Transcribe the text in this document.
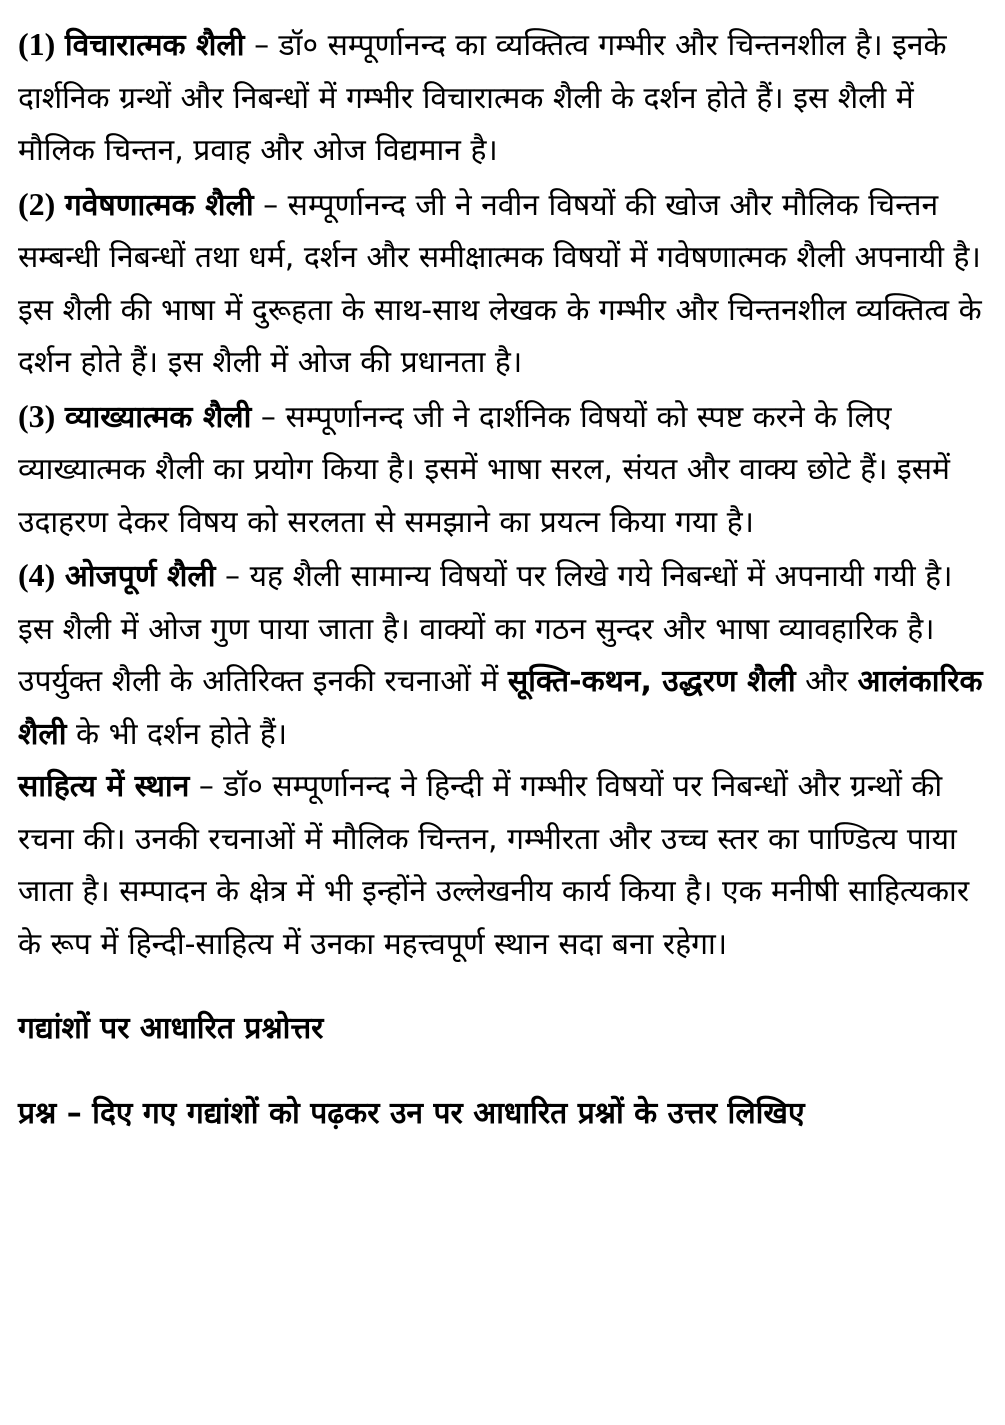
(1) विचारात्मक शैली – डॉ० सम्पूर्णानन्द का व्यक्तित्व गम्भीर और चिन्तनशील है। इनके दार्शनिक ग्रन्थों और निबन्धों में गम्भीर विचारात्मक शैली के दर्शन होते हैं। इस शैली में मौलिक चिन्तन, प्रवाह और ओज विद्यमान है।

(2) गवेषणात्मक शैली – सम्पूर्णानन्द जी ने नवीन विषयों की खोज और मौलिक चिन्तन सम्बन्धी निबन्धों तथा धर्म, दर्शन और समीक्षात्मक विषयों में गवेषणात्मक शैली अपनायी है। इस शैली की भाषा में दुरूहता के साथ-साथ लेखक के गम्भीर और चिन्तनशील व्यक्तित्व के दर्शन होते हैं। इस शैली में ओज की प्रधानता है।

(3) व्याख्यात्मक शैली – सम्पूर्णानन्द जी ने दार्शनिक विषयों को स्पष्ट करने के लिए व्याख्यात्मक शैली का प्रयोग किया है। इसमें भाषा सरल, संयत और वाक्य छोटे हैं। इसमें उदाहरण देकर विषय को सरलता से समझाने का प्रयत्न किया गया है।

(4) ओजपूर्ण शैली – यह शैली सामान्य विषयों पर लिखे गये निबन्धों में अपनायी गयी है। इस शैली में ओज गुण पाया जाता है। वाक्यों का गठन सुन्दर और भाषा व्यावहारिक है।

उपर्युक्त शैली के अतिरिक्त इनकी रचनाओं में सूक्ति-कथन, उद्धरण शैली और आलंकारिक शैली के भी दर्शन होते हैं।

साहित्य में स्थान – डॉ० सम्पूर्णानन्द ने हिन्दी में गम्भीर विषयों पर निबन्धों और ग्रन्थों की रचना की। उनकी रचनाओं में मौलिक चिन्तन, गम्भीरता और उच्च स्तर का पाण्डित्य पाया जाता है। सम्पादन के क्षेत्र में भी इन्होंने उल्लेखनीय कार्य किया है। एक मनीषी साहित्यकार के रूप में हिन्दी-साहित्य में उनका महत्त्वपूर्ण स्थान सदा बना रहेगा।

गद्यांशों पर आधारित प्रश्नोत्तर

प्रश्न – दिए गए गद्यांशों को पढ़कर उन पर आधारित प्रश्नों के उत्तर लिखिए
